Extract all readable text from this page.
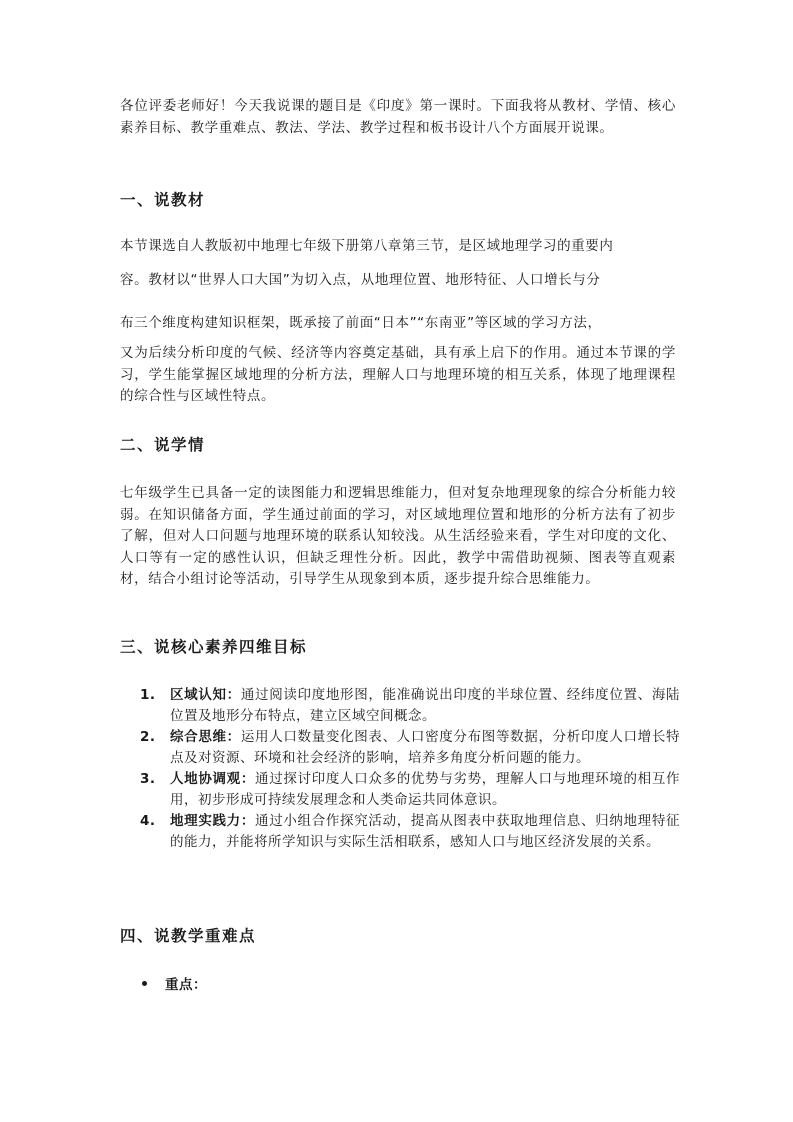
各位评委老师好！今天我说课的题目是《印度》第一课时。下面我将从教材、学情、核心素养目标、教学重难点、教法、学法、教学过程和板书设计八个方面展开说课。

一、说教材

本节课选自人教版初中地理七年级下册第八章第三节，是区域地理学习的重要内

容。教材以“世界人口大国”为切入点，从地理位置、地形特征、人口增长与分

布三个维度构建知识框架，既承接了前面“日本”“东南亚”等区域的学习方法，

又为后续分析印度的气候、经济等内容奠定基础，具有承上启下的作用。通过本节课的学习，学生能掌握区域地理的分析方法，理解人口与地理环境的相互关系，体现了地理课程的综合性与区域性特点。

二、说学情

七年级学生已具备一定的读图能力和逻辑思维能力，但对复杂地理现象的综合分析能力较弱。在知识储备方面，学生通过前面的学习，对区域地理位置和地形的分析方法有了初步了解，但对人口问题与地理环境的联系认知较浅。从生活经验来看，学生对印度的文化、人口等有一定的感性认识，但缺乏理性分析。因此，教学中需借助视频、图表等直观素材，结合小组讨论等活动，引导学生从现象到本质，逐步提升综合思维能力。

三、说核心素养四维目标
1. 区域认知：通过阅读印度地形图，能准确说出印度的半球位置、经纬度位置、海陆位置及地形分布特点，建立区域空间概念。
2. 综合思维：运用人口数量变化图表、人口密度分布图等数据，分析印度人口增长特点及对资源、环境和社会经济的影响，培养多角度分析问题的能力。
3. 人地协调观：通过探讨印度人口众多的优势与劣势，理解人口与地理环境的相互作用，初步形成可持续发展理念和人类命运共同体意识。
4. 地理实践力：通过小组合作探究活动，提高从图表中获取地理信息、归纳地理特征的能力，并能将所学知识与实际生活相联系，感知人口与地区经济发展的关系。
四、说教学重难点
重点：
